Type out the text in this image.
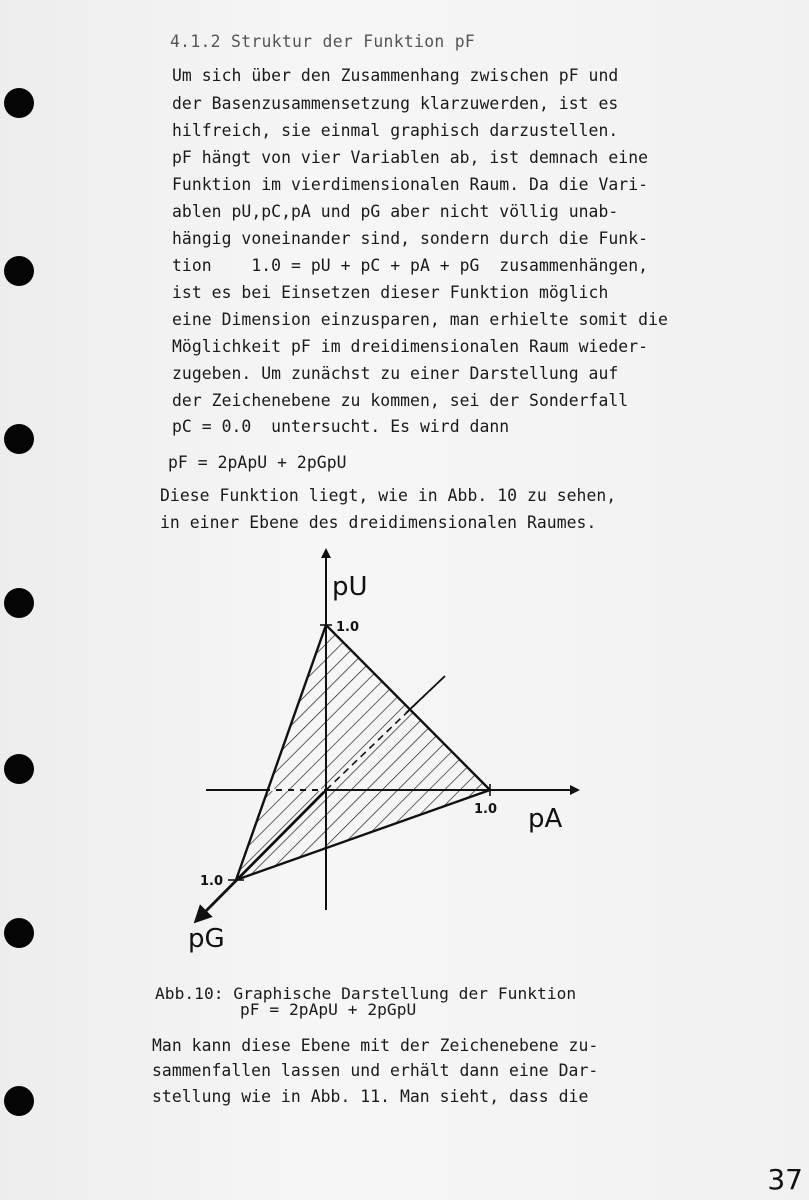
4.1.2 Struktur der Funktion pF
Um sich über den Zusammenhang zwischen pF und
der Basenzusammensetzung klarzuwerden, ist es
hilfreich, sie einmal graphisch darzustellen.
pF hängt von vier Variablen ab, ist demnach eine
Funktion im vierdimensionalen Raum. Da die Vari-
ablen pU,pC,pA und pG aber nicht völlig unab-
hängig voneinander sind, sondern durch die Funk-
tion    1.0 = pU + pC + pA + pG  zusammenhängen,
ist es bei Einsetzen dieser Funktion möglich
eine Dimension einzusparen, man erhielte somit die
Möglichkeit pF im dreidimensionalen Raum wieder-
zugeben. Um zunächst zu einer Darstellung auf
der Zeichenebene zu kommen, sei der Sonderfall
pC = 0.0  untersucht. Es wird dann
pF = 2pApU + 2pGpU
Diese Funktion liegt, wie in Abb. 10 zu sehen,
in einer Ebene des dreidimensionalen Raumes.
pU
pA
pG
1.0
1.0
1.0
Abb.10: Graphische Darstellung der Funktion
pF = 2pApU + 2pGpU
Man kann diese Ebene mit der Zeichenebene zu-
sammenfallen lassen und erhält dann eine Dar-
stellung wie in Abb. 11. Man sieht, dass die
37
